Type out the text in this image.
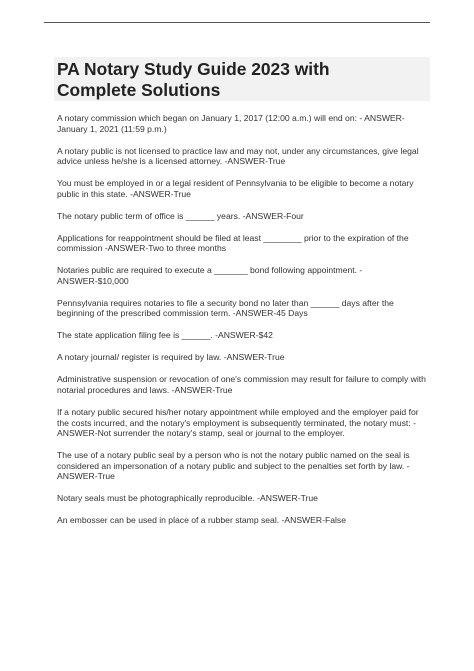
PA Notary Study Guide 2023 with
Complete Solutions
A notary commission which began on January 1, 2017 (12:00 a.m.) will end on: - ANSWER-January 1, 2021 (11:59 p.m.)
A notary public is not licensed to practice law and may not, under any circumstances, give legal advice unless he/she is a licensed attorney. -ANSWER-True
You must be employed in or a legal resident of Pennsylvania to be eligible to become a notary public in this state. -ANSWER-True
The notary public term of office is ______ years. -ANSWER-Four
Applications for reappointment should be filed at least ________ prior to the expiration of the commission -ANSWER-Two to three months
Notaries public are required to execute a _______ bond following appointment. - ANSWER-$10,000
Pennsylvania requires notaries to file a security bond no later than ______ days after the beginning of the prescribed commission term. -ANSWER-45 Days
The state application filing fee is ______. -ANSWER-$42
A notary journal/ register is required by law. -ANSWER-True
Administrative suspension or revocation of one's commission may result for failure to comply with notarial procedures and laws. -ANSWER-True
If a notary public secured his/her notary appointment while employed and the employer paid for the costs incurred, and the notary's employment is subsequently terminated, the notary must: -ANSWER-Not surrender the notary's stamp, seal or journal to the employer.
The use of a notary public seal by a person who is not the notary public named on the seal is considered an impersonation of a notary public and subject to the penalties set forth by law. -ANSWER-True
Notary seals must be photographically reproducible. -ANSWER-True
An embosser can be used in place of a rubber stamp seal. -ANSWER-False
